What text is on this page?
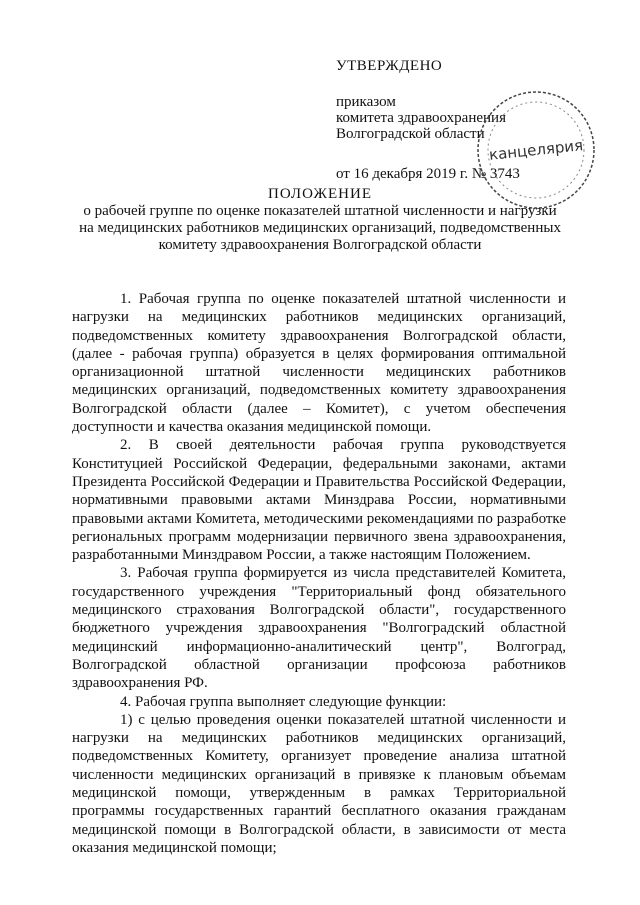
УТВЕРЖДЕНО
приказом
комитета здравоохранения
Волгоградской области
от 16 декабря 2019 г. № 3743
канцелярия
ПОЛОЖЕНИЕ
о рабочей группе по оценке показателей штатной численности и нагрузки
на медицинских работников медицинских организаций, подведомственных
комитету здравоохранения Волгоградской области

1. Рабочая группа по оценке показателей штатной численности и нагрузки на медицинских работников медицинских организаций, подведомственных комитету здравоохранения Волгоградской области, (далее - рабочая группа) образуется в целях формирования оптимальной организационной штатной численности медицинских работников медицинских организаций, подведомственных комитету здравоохранения Волгоградской области (далее – Комитет), с учетом обеспечения доступности и качества оказания медицинской помощи.

2. В своей деятельности рабочая группа руководствуется Конституцией Российской Федерации, федеральными законами, актами Президента Российской Федерации и Правительства Российской Федерации, нормативными правовыми актами Минздрава России, нормативными правовыми актами Комитета, методическими рекомендациями по разработке региональных программ модернизации первичного звена здравоохранения, разработанными Минздравом России, а также настоящим Положением.

3. Рабочая группа формируется из числа представителей Комитета, государственного учреждения "Территориальный фонд обязательного медицинского страхования Волгоградской области", государственного бюджетного учреждения здравоохранения "Волгоградский областной медицинский информационно-аналитический центр", Волгоград, Волгоградской областной организации профсоюза работников здравоохранения РФ.

4. Рабочая группа выполняет следующие функции:

1) с целью проведения оценки показателей штатной численности и нагрузки на медицинских работников медицинских организаций, подведомственных Комитету, организует проведение анализа штатной численности медицинских организаций в привязке к плановым объемам медицинской помощи, утвержденным в рамках Территориальной программы государственных гарантий бесплатного оказания гражданам медицинской помощи в Волгоградской области, в зависимости от места оказания медицинской помощи;
